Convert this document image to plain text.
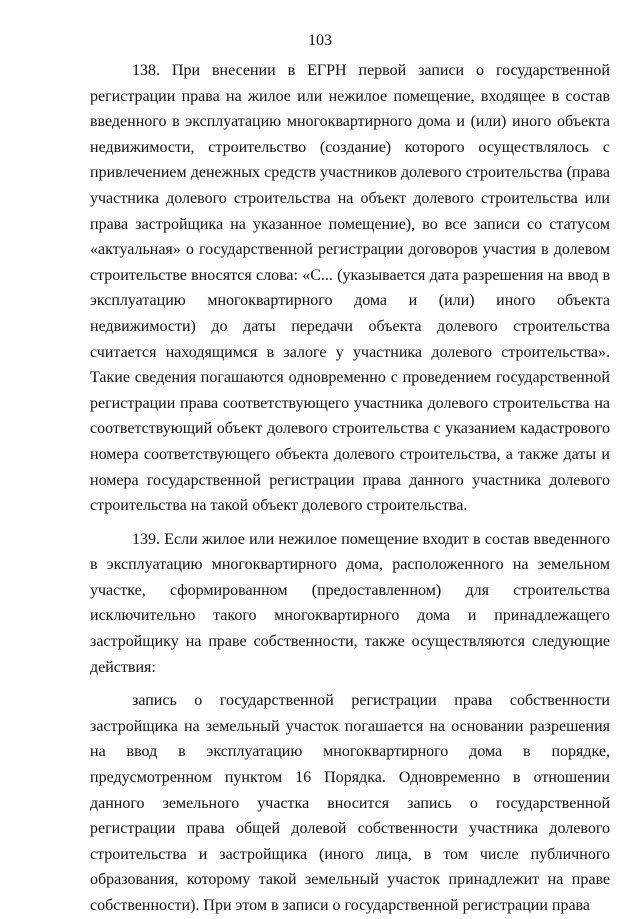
103

138. При внесении в ЕГРН первой записи о государственной регистрации права на жилое или нежилое помещение, входящее в состав введенного в эксплуатацию многоквартирного дома и (или) иного объекта недвижимости, строительство (создание) которого осуществлялось с привлечением денежных средств участников долевого строительства (права участника долевого строительства на объект долевого строительства или права застройщика на указанное помещение), во все записи со статусом «актуальная» о государственной регистрации договоров участия в долевом строительстве вносятся слова: «С... (указывается дата разрешения на ввод в эксплуатацию многоквартирного дома и (или) иного объекта недвижимости) до даты передачи объекта долевого строительства считается находящимся в залоге у участника долевого строительства». Такие сведения погашаются одновременно с проведением государственной регистрации права соответствующего участника долевого строительства на соответствующий объект долевого строительства с указанием кадастрового номера соответствующего объекта долевого строительства, а также даты и номера государственной регистрации права данного участника долевого строительства на такой объект долевого строительства.

139. Если жилое или нежилое помещение входит в состав введенного в эксплуатацию многоквартирного дома, расположенного на земельном участке, сформированном (предоставленном) для строительства исключительно такого многоквартирного дома и принадлежащего застройщику на праве собственности, также осуществляются следующие действия:

запись о государственной регистрации права собственности застройщика на земельный участок погашается на основании разрешения на ввод в эксплуатацию многоквартирного дома в порядке, предусмотренном пунктом 16 Порядка. Одновременно в отношении данного земельного участка вносится запись о государственной регистрации права общей долевой собственности участника долевого строительства и застройщика (иного лица, в том числе публичного образования, которому такой земельный участок принадлежит на праве собственности). При этом в записи о государственной регистрации права
